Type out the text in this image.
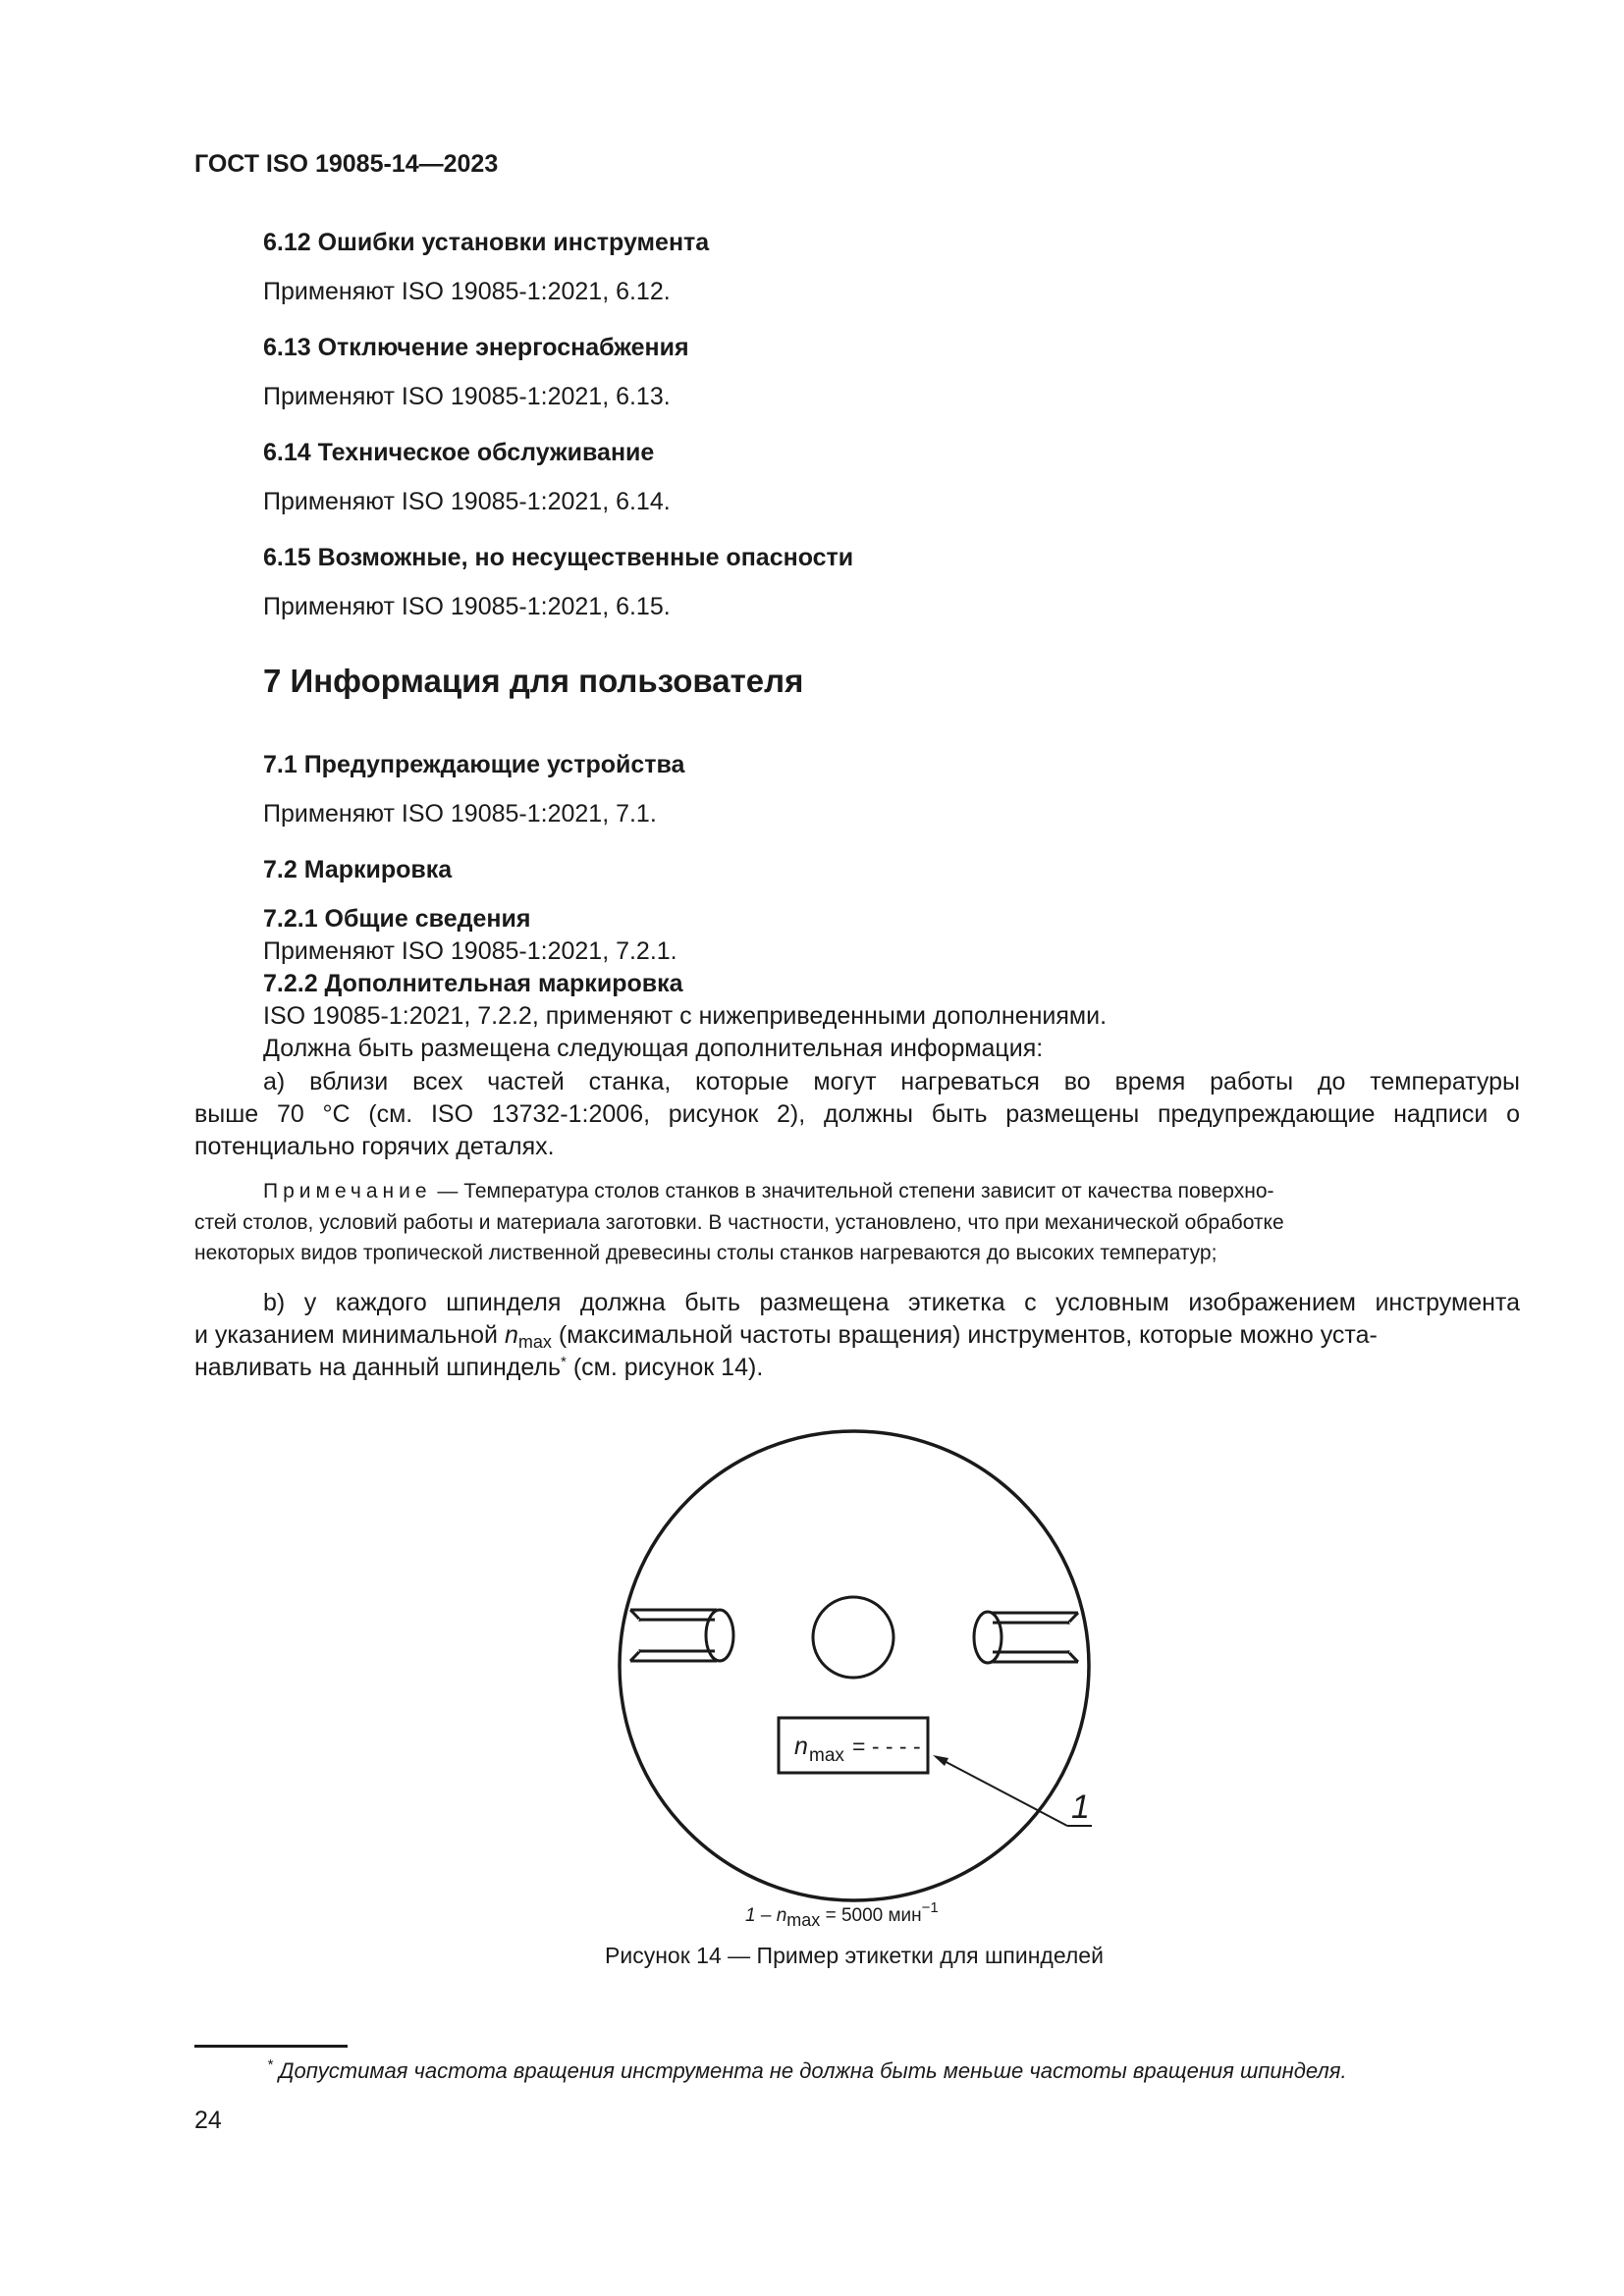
ГОСТ ISO 19085-14—2023
6.12 Ошибки установки инструмента
Применяют ISO 19085-1:2021, 6.12.
6.13 Отключение энергоснабжения
Применяют ISO 19085-1:2021, 6.13.
6.14 Техническое обслуживание
Применяют ISO 19085-1:2021, 6.14.
6.15 Возможные, но несущественные опасности
Применяют ISO 19085-1:2021, 6.15.
7 Информация для пользователя
7.1 Предупреждающие устройства
Применяют ISO 19085-1:2021, 7.1.
7.2 Маркировка
7.2.1 Общие сведения
Применяют ISO 19085-1:2021, 7.2.1.
7.2.2 Дополнительная маркировка
ISO 19085-1:2021, 7.2.2, применяют с нижеприведенными дополнениями.
Должна быть размещена следующая дополнительная информация:
а) вблизи всех частей станка, которые могут нагреваться во время работы до температуры
выше 70 °C (см. ISO 13732-1:2006, рисунок 2), должны быть размещены предупреждающие надписи о
потенциально горячих деталях.
Примечание — Температура столов станков в значительной степени зависит от качества поверхно-
стей столов, условий работы и материала заготовки. В частности, установлено, что при механической обработке
некоторых видов тропической лиственной древесины столы станков нагреваются до высоких температур;
b) у каждого шпинделя должна быть размещена этикетка с условным изображением инструмента
и указанием минимальной $n_{max}$ (максимальной частоты вращения) инструментов, которые можно уста-
навливать на данный шпиндель* (см. рисунок 14).
n max = - - - -
1
$1 - n_{max} = 5000$ мин$^{-1}$
Рисунок 14 — Пример этикетки для шпинделей
* Допустимая частота вращения инструмента не должна быть меньше частоты вращения шпинделя.
24
